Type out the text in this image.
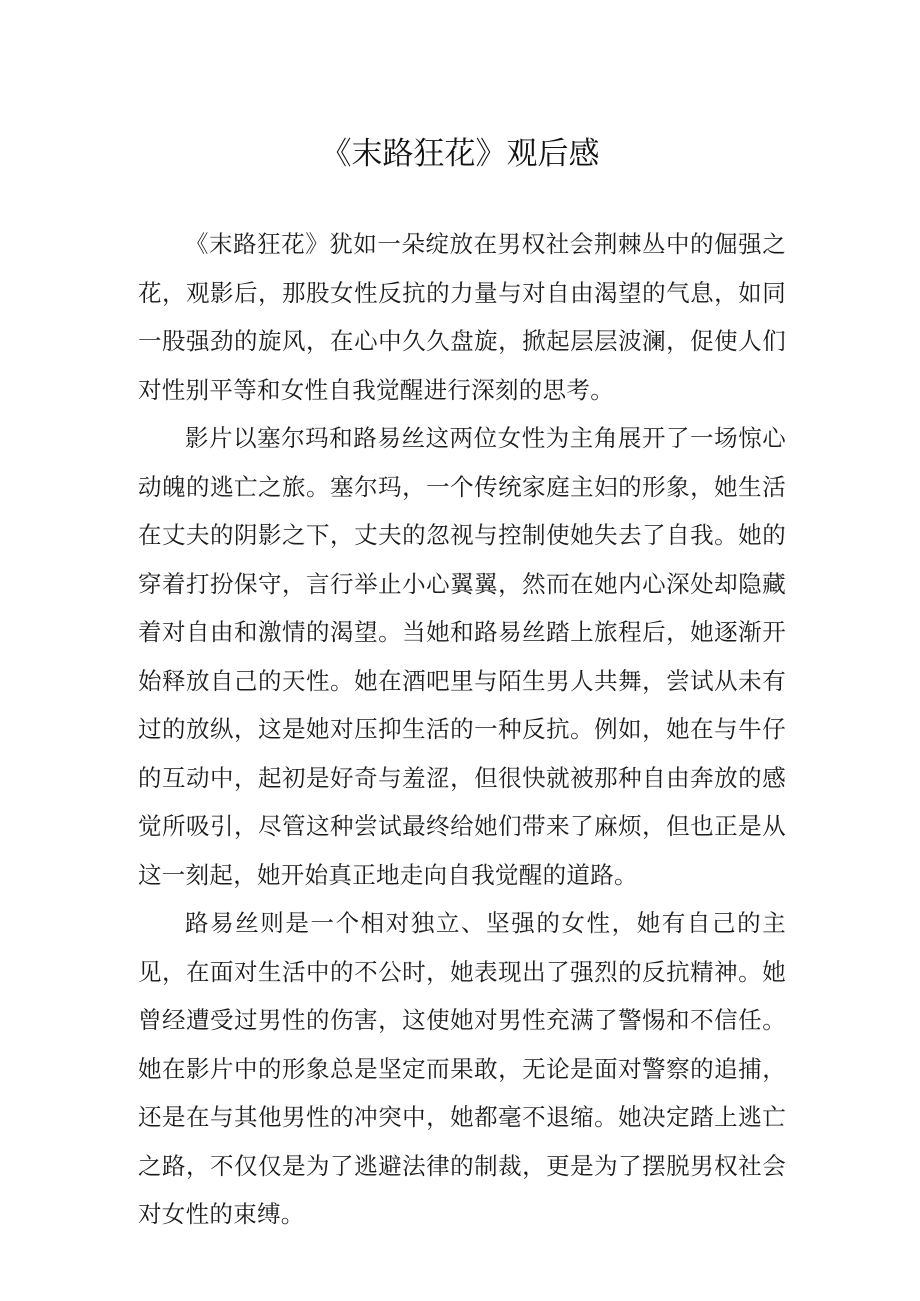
《末路狂花》观后感

《末路狂花》犹如一朵绽放在男权社会荆棘丛中的倔强之花，观影后，那股女性反抗的力量与对自由渴望的气息，如同一股强劲的旋风，在心中久久盘旋，掀起层层波澜，促使人们对性别平等和女性自我觉醒进行深刻的思考。

影片以塞尔玛和路易丝这两位女性为主角展开了一场惊心动魄的逃亡之旅。塞尔玛，一个传统家庭主妇的形象，她生活在丈夫的阴影之下，丈夫的忽视与控制使她失去了自我。她的穿着打扮保守，言行举止小心翼翼，然而在她内心深处却隐藏着对自由和激情的渴望。当她和路易丝踏上旅程后，她逐渐开始释放自己的天性。她在酒吧里与陌生男人共舞，尝试从未有过的放纵，这是她对压抑生活的一种反抗。例如，她在与牛仔的互动中，起初是好奇与羞涩，但很快就被那种自由奔放的感觉所吸引，尽管这种尝试最终给她们带来了麻烦，但也正是从这一刻起，她开始真正地走向自我觉醒的道路。

路易丝则是一个相对独立、坚强的女性，她有自己的主见，在面对生活中的不公时，她表现出了强烈的反抗精神。她曾经遭受过男性的伤害，这使她对男性充满了警惕和不信任。她在影片中的形象总是坚定而果敢，无论是面对警察的追捕，还是在与其他男性的冲突中，她都毫不退缩。她决定踏上逃亡之路，不仅仅是为了逃避法律的制裁，更是为了摆脱男权社会对女性的束缚。
